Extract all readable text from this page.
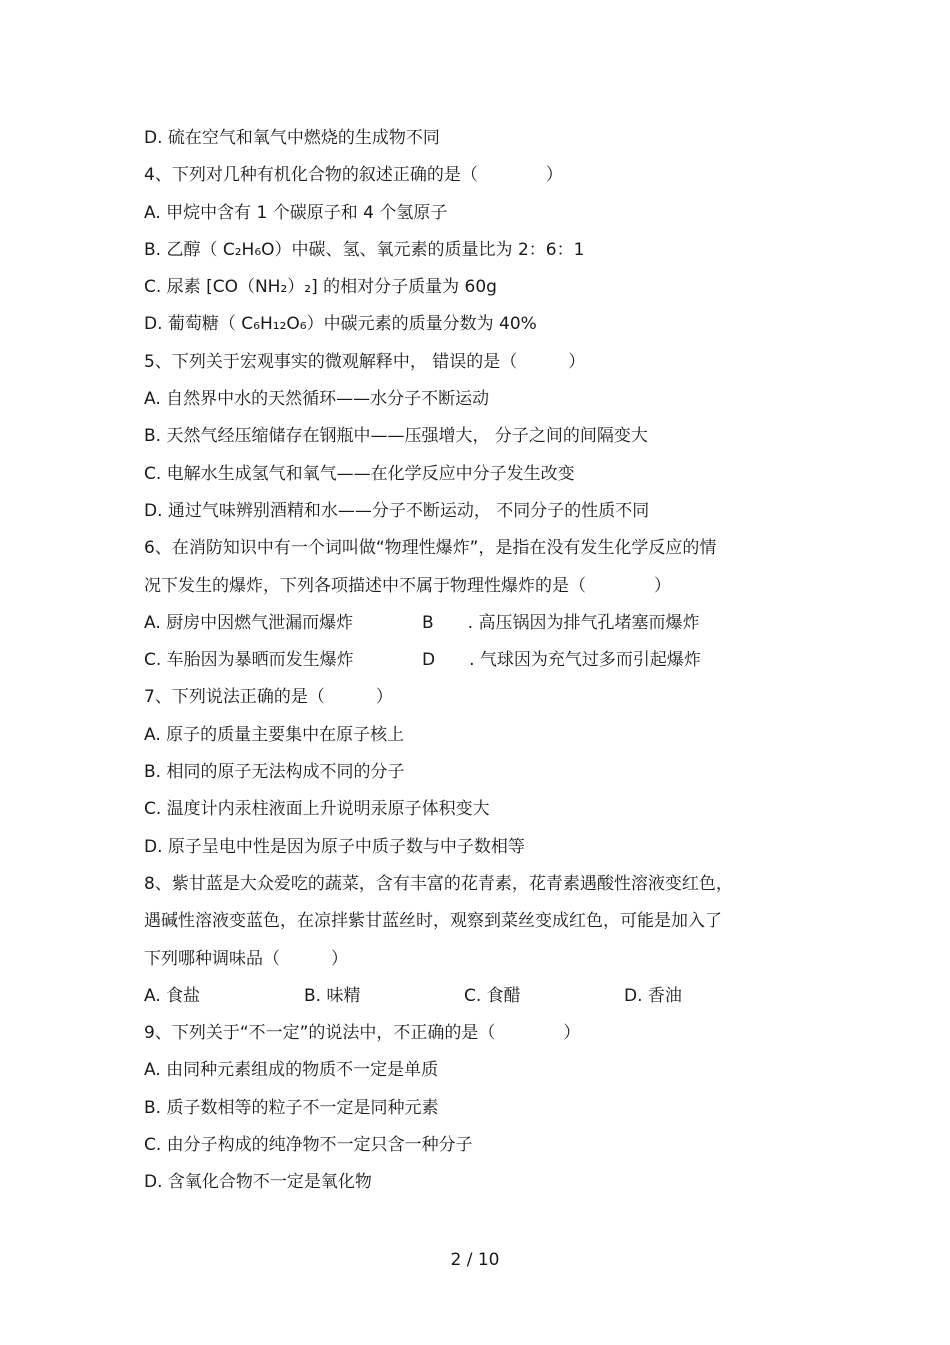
D. 硫在空气和氧气中燃烧的生成物不同
4、下列对几种有机化合物的叙述正确的是（　　　　）
A. 甲烷中含有 1 个碳原子和 4 个氢原子
B. 乙醇（ C₂H₆O）中碳、氢、氧元素的质量比为 2：6：1
C. 尿素 [CO（NH₂）₂] 的相对分子质量为 60g
D. 葡萄糖（ C₆H₁₂O₆）中碳元素的质量分数为 40%
5、下列关于宏观事实的微观解释中， 错误的是（　　　）
A. 自然界中水的天然循环——水分子不断运动
B. 天然气经压缩储存在钢瓶中——压强增大， 分子之间的间隔变大
C. 电解水生成氢气和氧气——在化学反应中分子发生改变
D. 通过气味辨别酒精和水——分子不断运动， 不同分子的性质不同
6、在消防知识中有一个词叫做“物理性爆炸”，是指在没有发生化学反应的情
况下发生的爆炸，下列各项描述中不属于物理性爆炸的是（　　　　）
A. 厨房中因燃气泄漏而爆炸	B　　. 高压锅因为排气孔堵塞而爆炸
C. 车胎因为暴晒而发生爆炸	D　　. 气球因为充气过多而引起爆炸
7、下列说法正确的是（　　　）
A. 原子的质量主要集中在原子核上
B. 相同的原子无法构成不同的分子
C. 温度计内汞柱液面上升说明汞原子体积变大
D. 原子呈电中性是因为原子中质子数与中子数相等
8、紫甘蓝是大众爱吃的蔬菜，含有丰富的花青素，花青素遇酸性溶液变红色，
遇碱性溶液变蓝色，在凉拌紫甘蓝丝时，观察到菜丝变成红色，可能是加入了
下列哪种调味品（　　　）
A. 食盐	B. 味精	C. 食醋	D. 香油
9、下列关于“不一定”的说法中，不正确的是（　　　　）
A. 由同种元素组成的物质不一定是单质
B. 质子数相等的粒子不一定是同种元素
C. 由分子构成的纯净物不一定只含一种分子
D. 含氧化合物不一定是氧化物
2 / 10
